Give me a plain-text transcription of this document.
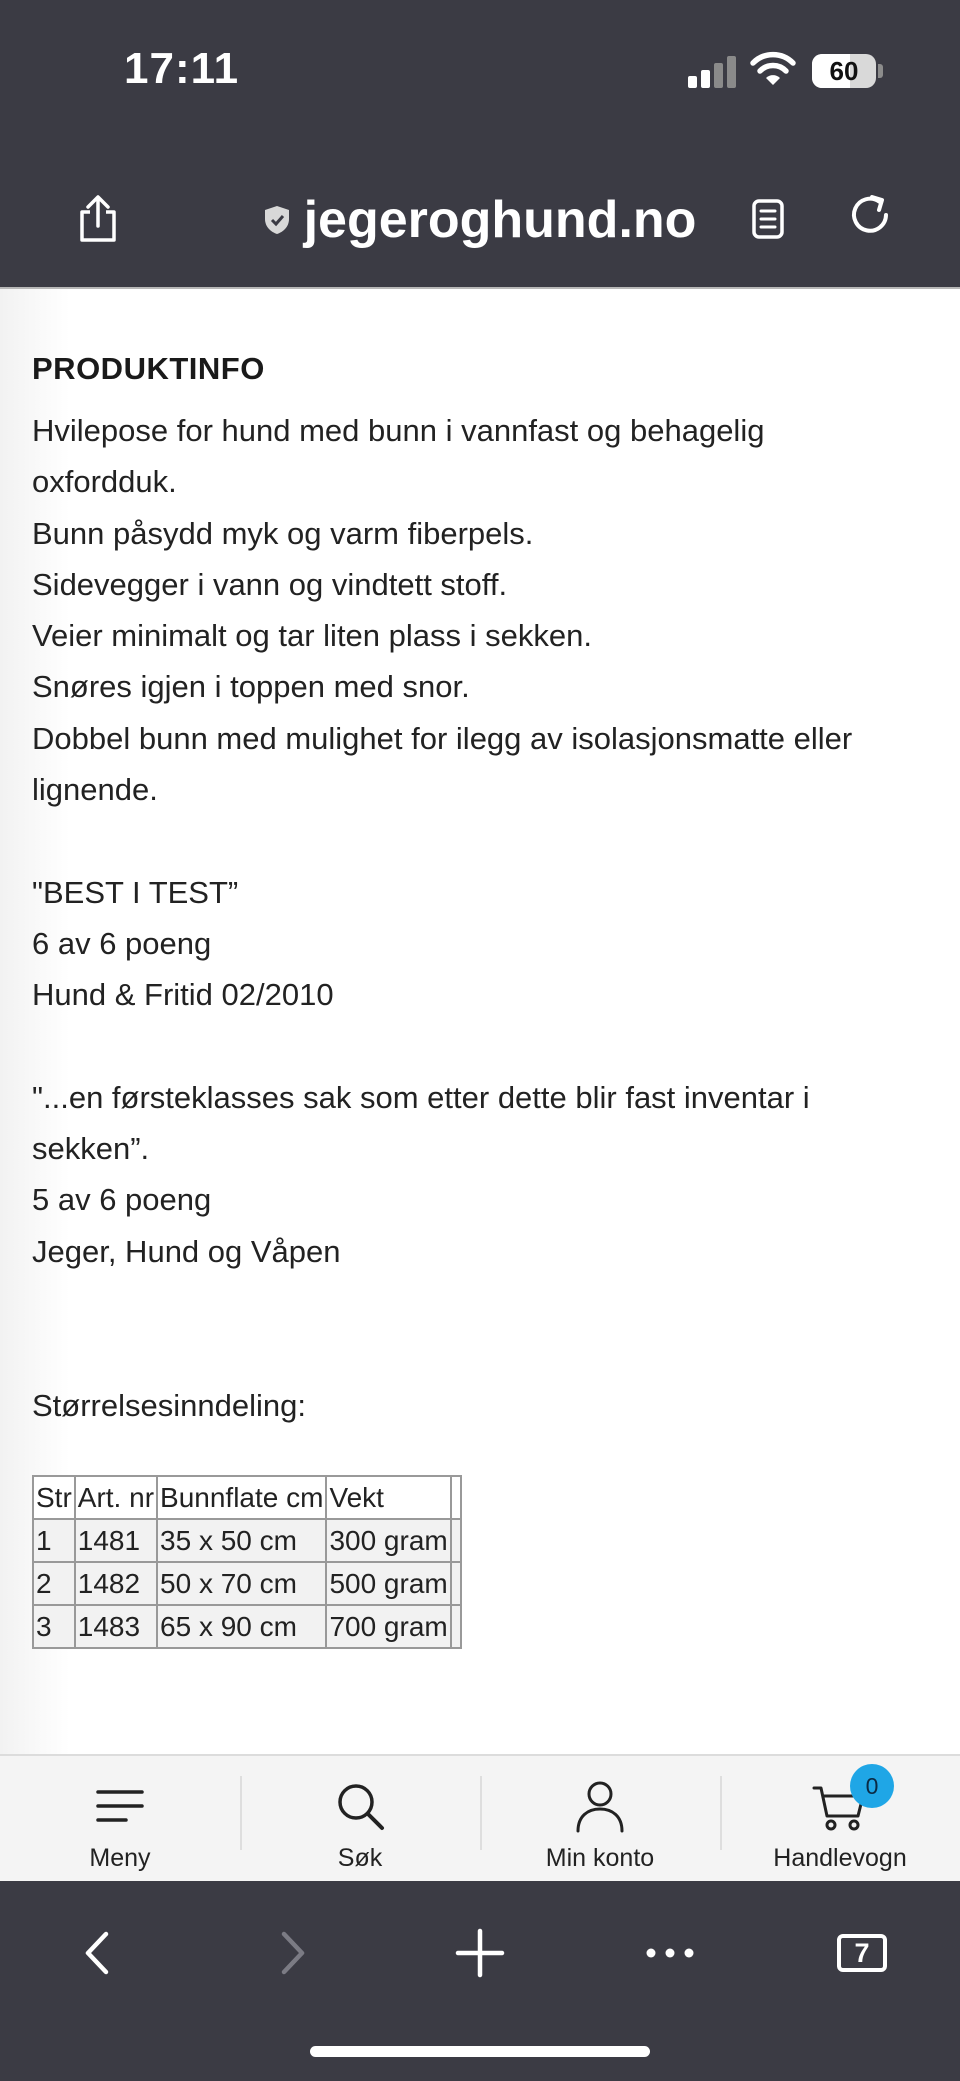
17:11	60
jegeroghund.no
PRODUKTINFO

Hvilepose for hund med bunn i vannfast og behagelig

oxfordduk.

Bunn påsydd myk og varm fiberpels.

Sidevegger i vann og vindtett stoff.

Veier minimalt og tar liten plass i sekken.

Snøres igjen i toppen med snor.

Dobbel bunn med mulighet for ilegg av isolasjonsmatte eller

lignende.

"BEST I TEST”

6 av 6 poeng

Hund & Fritid 02/2010

"...en førsteklasses sak som etter dette blir fast inventar i

sekken”.

5 av 6 poeng

Jeger, Hund og Våpen

Størrelsesinndeling:

Str	Art. nr	Bunnflate cm	Vekt	
1	1481	35 x 50 cm	300 gram	
2	1482	50 x 70 cm	500 gram	
3	1483	65 x 90 cm	700 gram	
Meny	Søk	Min konto
0
Handlevogn
7
